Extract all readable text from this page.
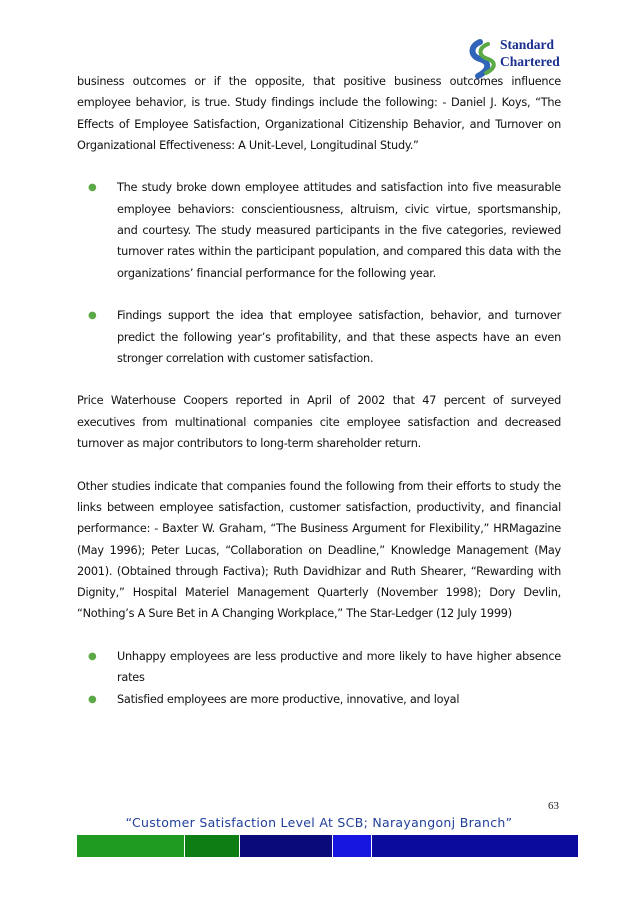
Standard
Chartered

business outcomes or if the opposite, that positive business outcomes influence employee behavior, is true. Study findings include the following: - Daniel J. Koys, “The Effects of Employee Satisfaction, Organizational Citizenship Behavior, and Turnover on Organizational Effectiveness: A Unit-Level, Longitudinal Study.”

● The study broke down employee attitudes and satisfaction into five measurable employee behaviors: conscientiousness, altruism, civic virtue, sportsmanship, and courtesy. The study measured participants in the five categories, reviewed turnover rates within the participant population, and compared this data with the organizations’ financial performance for the following year.
● Findings support the idea that employee satisfaction, behavior, and turnover predict the following year’s profitability, and that these aspects have an even stronger correlation with customer satisfaction.

Price Waterhouse Coopers reported in April of 2002 that 47 percent of surveyed executives from multinational companies cite employee satisfaction and decreased turnover as major contributors to long-term shareholder return.

Other studies indicate that companies found the following from their efforts to study the links between employee satisfaction, customer satisfaction, productivity, and financial performance: - Baxter W. Graham, “The Business Argument for Flexibility,” HRMagazine (May 1996); Peter Lucas, “Collaboration on Deadline,” Knowledge Management (May 2001). (Obtained through Factiva); Ruth Davidhizar and Ruth Shearer, “Rewarding with Dignity,” Hospital Materiel Management Quarterly (November 1998); Dory Devlin, “Nothing’s A Sure Bet in A Changing Workplace,” The Star-Ledger (12 July 1999)

● Unhappy employees are less productive and more likely to have higher absence rates
● Satisfied employees are more productive, innovative, and loyal
63
“Customer Satisfaction Level At SCB; Narayangonj Branch”
